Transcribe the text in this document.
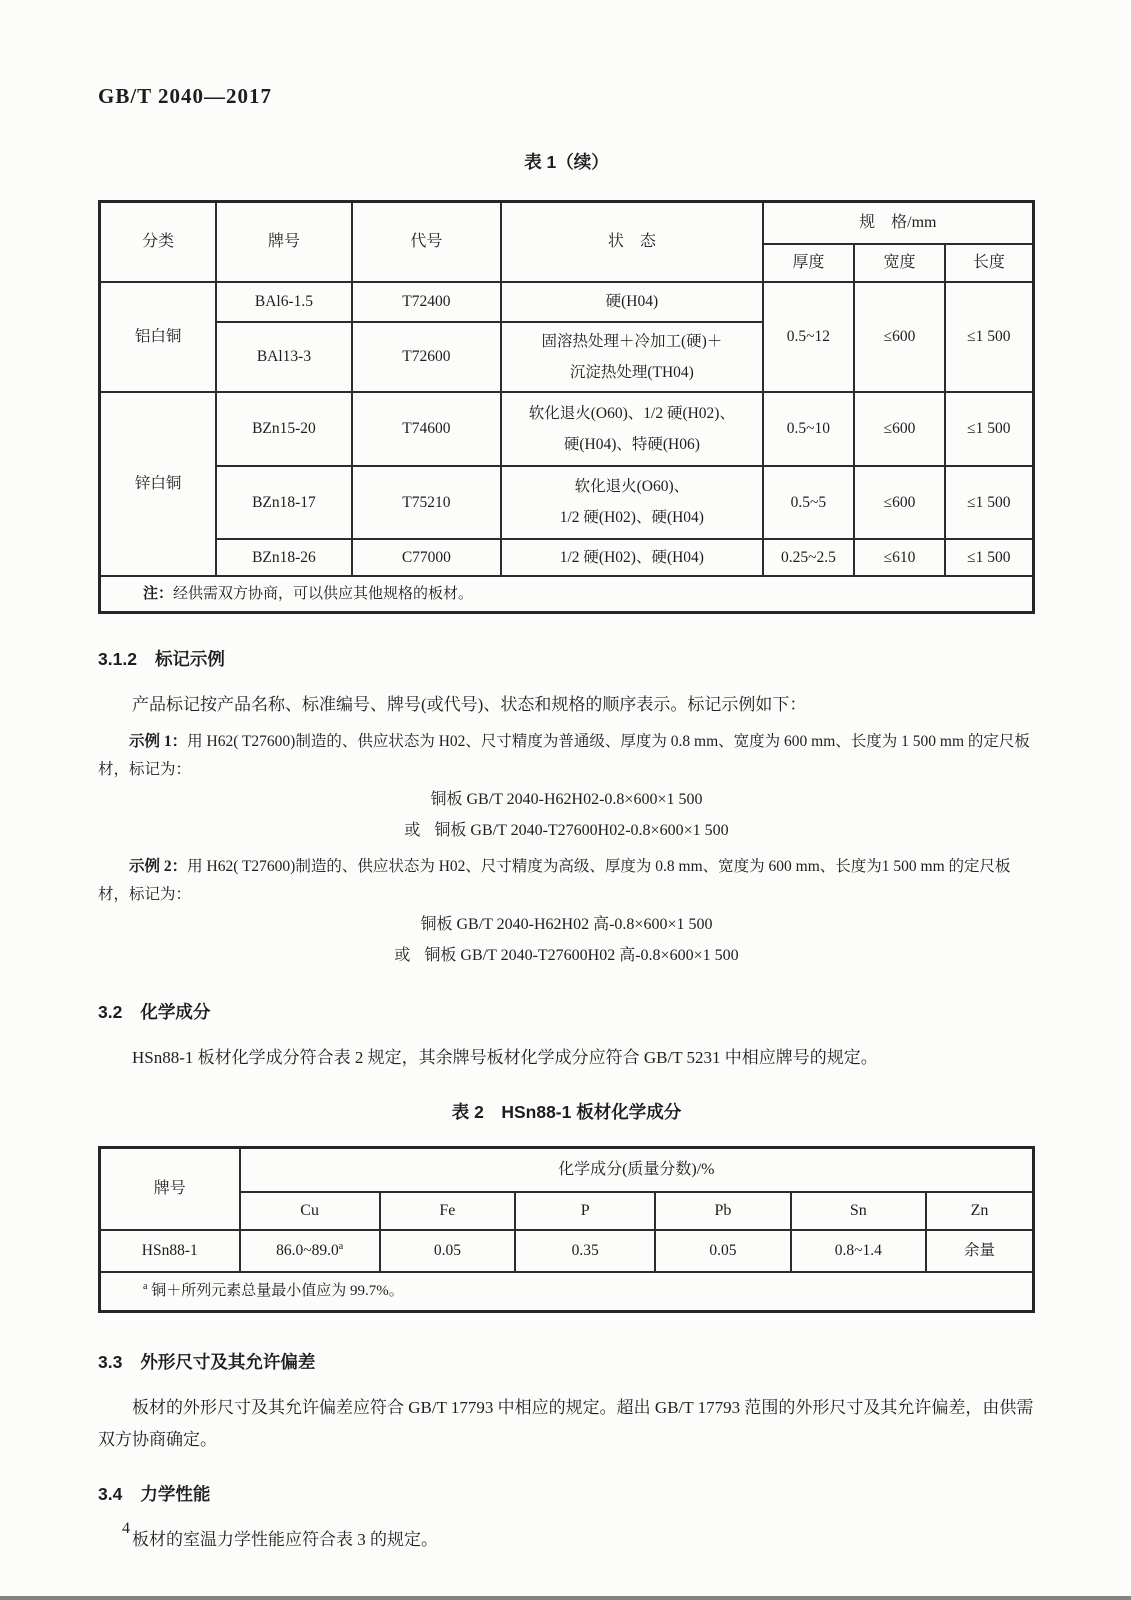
GB/T 2040—2017
表 1（续）
分类	牌号	代号	状　态	规　格/mm		
				厚度	宽度	长度
铝白铜	BAl6-1.5	T72400	硬(H04)	0.5~12	≤600	≤1 500
	BAl13-3	T72600	固溶热处理＋冷加工(硬)＋
沉淀热处理(TH04)			

锌白铜	BZn15-20	T74600	软化退火(O60)、1/2 硬(H02)、
硬(H04)、特硬(H06)	0.5~10	≤600	≤1 500
	BZn18-17	T75210	软化退火(O60)、
1/2 硬(H02)、硬(H04)	0.5~5	≤600	≤1 500
	BZn18-26	C77000	1/2 硬(H02)、硬(H04)	0.25~2.5	≤610	≤1 500
注：经供需双方协商，可以供应其他规格的板材。						
3.1.2 标记示例

产品标记按产品名称、标准编号、牌号(或代号)、状态和规格的顺序表示。标记示例如下：

示例 1：用 H62( T27600)制造的、供应状态为 H02、尺寸精度为普通级、厚度为 0.8 mm、宽度为 600 mm、长度为 1 500 mm 的定尺板材，标记为：

铜板 GB/T 2040-H62H02-0.8×600×1 500
或 铜板 GB/T 2040-T27600H02-0.8×600×1 500

示例 2：用 H62( T27600)制造的、供应状态为 H02、尺寸精度为高级、厚度为 0.8 mm、宽度为 600 mm、长度为1 500 mm 的定尺板材，标记为：

铜板 GB/T 2040-H62H02 高-0.8×600×1 500
或 铜板 GB/T 2040-T27600H02 高-0.8×600×1 500
3.2 化学成分

HSn88-1 板材化学成分符合表 2 规定，其余牌号板材化学成分应符合 GB/T 5231 中相应牌号的规定。

表 2　HSn88-1 板材化学成分
牌号	化学成分(质量分数)/%					
	Cu	Fe	P	Pb	Sn	Zn
HSn88-1	86.0~89.0$^a$	0.05	0.35	0.05	0.8~1.4	余量
$^a$ 铜＋所列元素总量最小值应为 99.7%。						
3.3 外形尺寸及其允许偏差

板材的外形尺寸及其允许偏差应符合 GB/T 17793 中相应的规定。超出 GB/T 17793 范围的外形尺寸及其允许偏差，由供需双方协商确定。

3.4 力学性能

板材的室温力学性能应符合表 3 的规定。

4
